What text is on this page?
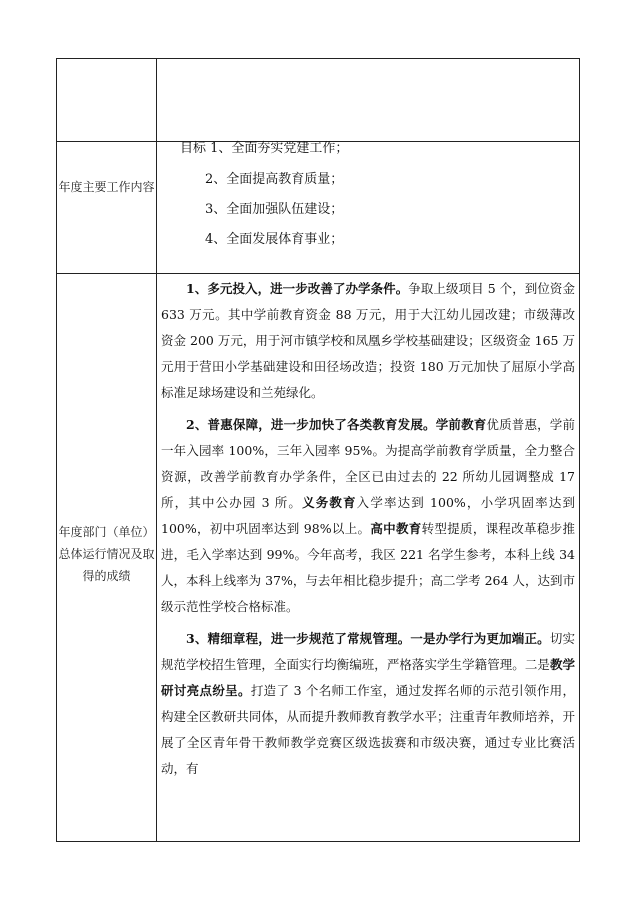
年度主要工作内容
年度部门（单位）总体运行情况及取得的成绩
目标 1、全面夯实党建工作；
2、全面提高教育质量；
3、全面加强队伍建设；
4、全面发展体育事业；

1、多元投入，进一步改善了办学条件。争取上级项目 5 个，到位资金 633 万元。其中学前教育资金 88 万元，用于大江幼儿园改建；市级薄改资金 200 万元，用于河市镇学校和凤凰乡学校基础建设；区级资金 165 万元用于营田小学基础建设和田径场改造；投资 180 万元加快了屈原小学高标准足球场建设和兰苑绿化。

2、普惠保障，进一步加快了各类教育发展。学前教育优质普惠，学前一年入园率 100%，三年入园率 95%。为提高学前教育学质量，全力整合资源，改善学前教育办学条件，全区已由过去的 22 所幼儿园调整成 17 所，其中公办园 3 所。义务教育入学率达到 100%，小学巩固率达到 100%，初中巩固率达到 98%以上。高中教育转型提质，课程改革稳步推进，毛入学率达到 99%。今年高考，我区 221 名学生参考，本科上线 34 人，本科上线率为 37%，与去年相比稳步提升；高二学考 264 人，达到市级示范性学校合格标准。

3、精细章程，进一步规范了常规管理。一是办学行为更加端正。切实规范学校招生管理，全面实行均衡编班，严格落实学生学籍管理。二是教学研讨亮点纷呈。打造了 3 个名师工作室，通过发挥名师的示范引领作用，构建全区教研共同体，从而提升教师教育教学水平；注重青年教师培养，开展了全区青年骨干教师教学竞赛区级选拔赛和市级决赛，通过专业比赛活动，有
